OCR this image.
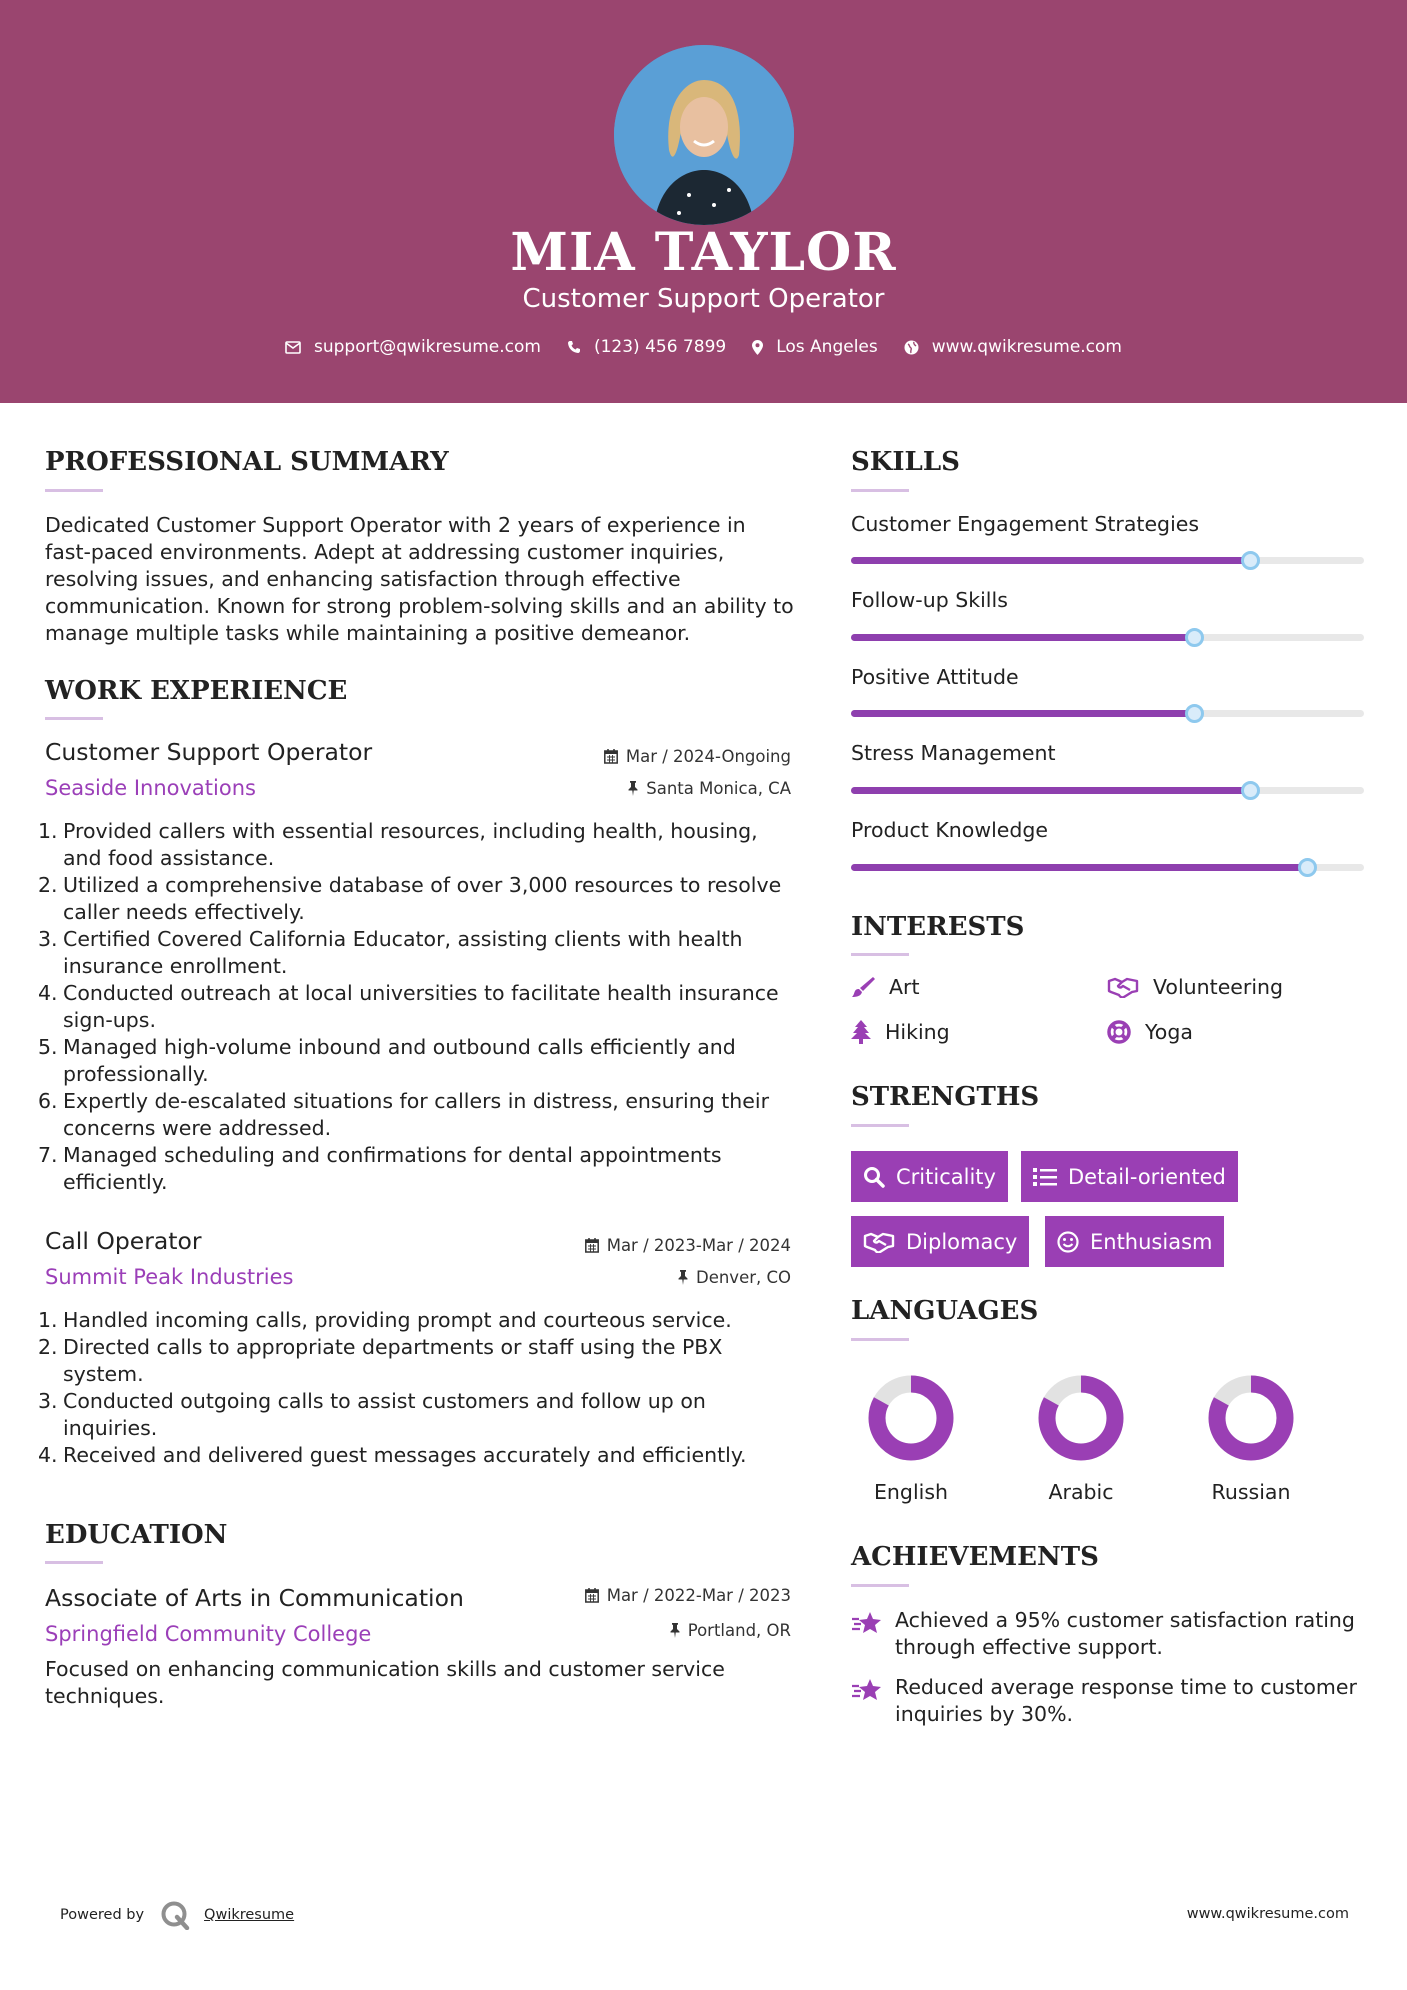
MIA TAYLOR
Customer Support Operator
support@qwikresume.com	(123) 456 7899	Los Angeles	www.qwikresume.com
PROFESSIONAL SUMMARY
Dedicated Customer Support Operator with 2 years of experience in fast-paced environments. Adept at addressing customer inquiries, resolving issues, and enhancing satisfaction through effective communication. Known for strong problem-solving skills and an ability to manage multiple tasks while maintaining a positive demeanor.
WORK EXPERIENCE
Customer Support Operator	Mar / 2024-Ongoing
Seaside Innovations	Santa Monica, CA
Provided callers with essential resources, including health, housing, and food assistance.
Utilized a comprehensive database of over 3,000 resources to resolve caller needs effectively.
Certified Covered California Educator, assisting clients with health insurance enrollment.
Conducted outreach at local universities to facilitate health insurance sign-ups.
Managed high-volume inbound and outbound calls efficiently and professionally.
Expertly de-escalated situations for callers in distress, ensuring their concerns were addressed.
Managed scheduling and confirmations for dental appointments efficiently.
Call Operator	Mar / 2023-Mar / 2024
Summit Peak Industries	Denver, CO
Handled incoming calls, providing prompt and courteous service.
Directed calls to appropriate departments or staff using the PBX system.
Conducted outgoing calls to assist customers and follow up on inquiries.
Received and delivered guest messages accurately and efficiently.
EDUCATION
Associate of Arts in Communication	Mar / 2022-Mar / 2023
Springfield Community College	Portland, OR
Focused on enhancing communication skills and customer service techniques.
SKILLS
Customer Engagement Strategies
Follow-up Skills
Positive Attitude
Stress Management
Product Knowledge
INTERESTS
Art	Volunteering
Hiking	Yoga
STRENGTHS
Criticality	Detail-oriented
Diplomacy	Enthusiasm
LANGUAGES
English	Arabic	Russian
ACHIEVEMENTS
Achieved a 95% customer satisfaction rating through effective support.
Reduced average response time to customer inquiries by 30%.
Powered by	Qwikresume	www.qwikresume.com
